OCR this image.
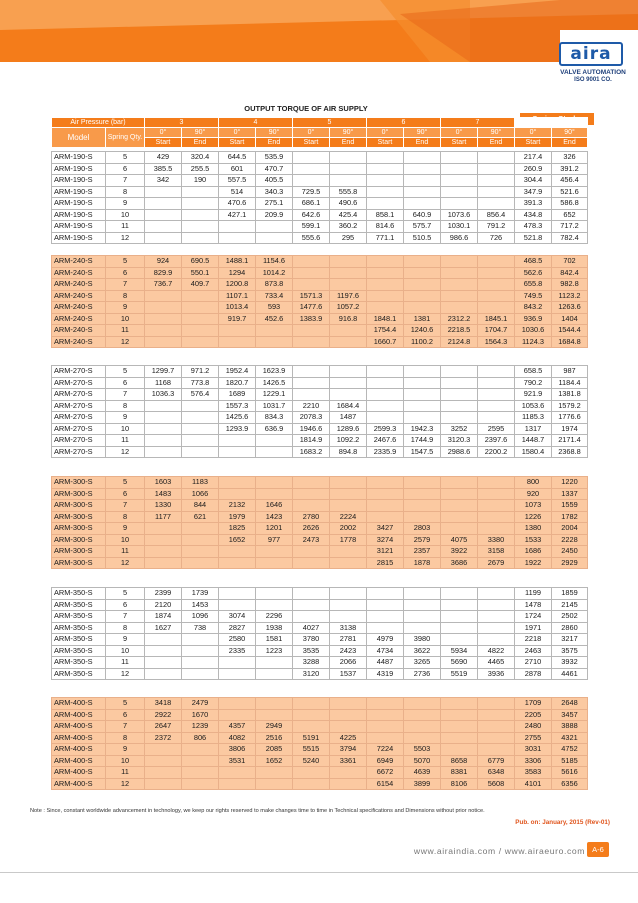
aira
VALVE AUTOMATION
ISO 9001 CO.
OUTPUT TORQUE OF AIR SUPPLY
Air Pressure (bar)		3		4		5		6		7			
Model	Spring Qty.	0°	90°	0°	90°	0°	90°	0°	90°	0°	90°	0°	90°
		Start	End	Start	End	Start	End	Start	End	Start	End	Start	End
ARM-190-S	5	429	320.4	644.5	535.9							217.4	326
ARM-190-S	6	385.5	255.5	601	470.7							260.9	391.2
ARM-190-S	7	342	190	557.5	405.5							304.4	456.4
ARM-190-S	8			514	340.3	729.5	555.8					347.9	521.6
ARM-190-S	9			470.6	275.1	686.1	490.6					391.3	586.8
ARM-190-S	10			427.1	209.9	642.6	425.4	858.1	640.9	1073.6	856.4	434.8	652
ARM-190-S	11					599.1	360.2	814.6	575.7	1030.1	791.2	478.3	717.2
ARM-190-S	12					555.6	295	771.1	510.5	986.6	726	521.8	782.4
ARM-240-S	5	924	690.5	1488.1	1154.6							468.5	702
ARM-240-S	6	829.9	550.1	1294	1014.2							562.6	842.4
ARM-240-S	7	736.7	409.7	1200.8	873.8							655.8	982.8
ARM-240-S	8			1107.1	733.4	1571.3	1197.6					749.5	1123.2
ARM-240-S	9			1013.4	593	1477.6	1057.2					843.2	1263.6
ARM-240-S	10			919.7	452.6	1383.9	916.8	1848.1	1381	2312.2	1845.1	936.9	1404
ARM-240-S	11							1754.4	1240.6	2218.5	1704.7	1030.6	1544.4
ARM-240-S	12							1660.7	1100.2	2124.8	1564.3	1124.3	1684.8
ARM-270-S	5	1299.7	971.2	1952.4	1623.9							658.5	987
ARM-270-S	6	1168	773.8	1820.7	1426.5							790.2	1184.4
ARM-270-S	7	1036.3	576.4	1689	1229.1							921.9	1381.8
ARM-270-S	8			1557.3	1031.7	2210	1684.4					1053.6	1579.2
ARM-270-S	9			1425.6	834.3	2078.3	1487					1185.3	1776.6
ARM-270-S	10			1293.9	636.9	1946.6	1289.6	2599.3	1942.3	3252	2595	1317	1974
ARM-270-S	11					1814.9	1092.2	2467.6	1744.9	3120.3	2397.6	1448.7	2171.4
ARM-270-S	12					1683.2	894.8	2335.9	1547.5	2988.6	2200.2	1580.4	2368.8
ARM-300-S	5	1603	1183									800	1220
ARM-300-S	6	1483	1066									920	1337
ARM-300-S	7	1330	844	2132	1646							1073	1559
ARM-300-S	8	1177	621	1979	1423	2780	2224					1226	1782
ARM-300-S	9			1825	1201	2626	2002	3427	2803			1380	2004
ARM-300-S	10			1652	977	2473	1778	3274	2579	4075	3380	1533	2228
ARM-300-S	11							3121	2357	3922	3158	1686	2450
ARM-300-S	12							2815	1878	3686	2679	1922	2929
ARM-350-S	5	2399	1739									1199	1859
ARM-350-S	6	2120	1453									1478	2145
ARM-350-S	7	1874	1096	3074	2296							1724	2502
ARM-350-S	8	1627	738	2827	1938	4027	3138					1971	2860
ARM-350-S	9			2580	1581	3780	2781	4979	3980			2218	3217
ARM-350-S	10			2335	1223	3535	2423	4734	3622	5934	4822	2463	3575
ARM-350-S	11					3288	2066	4487	3265	5690	4465	2710	3932
ARM-350-S	12					3120	1537	4319	2736	5519	3936	2878	4461
ARM-400-S	5	3418	2479									1709	2648
ARM-400-S	6	2922	1670									2205	3457
ARM-400-S	7	2647	1239	4357	2949							2480	3888
ARM-400-S	8	2372	806	4082	2516	5191	4225					2755	4321
ARM-400-S	9			3806	2085	5515	3794	7224	5503			3031	4752
ARM-400-S	10			3531	1652	5240	3361	6949	5070	8658	6779	3306	5185
ARM-400-S	11							6672	4639	8381	6348	3583	5616
ARM-400-S	12							6154	3899	8106	5608	4101	6356
Note : Since, constant worldwide advancement in technology, we keep our rights reserved to make changes time to time in Technical specifications and Dimensions without prior notice.
Pub. on: January, 2015 (Rev-01)
www.airaindia.com / www.airaeuro.com A-6
